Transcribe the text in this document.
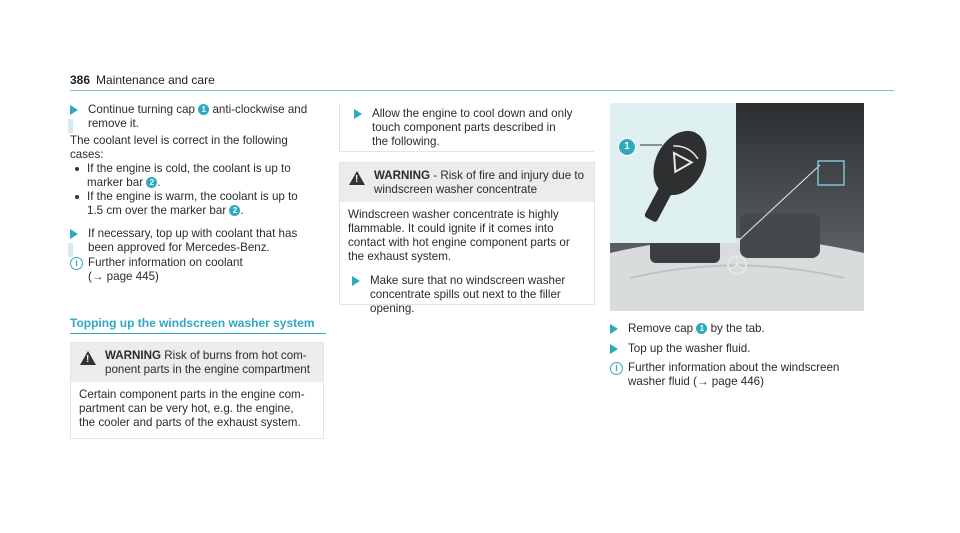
386 Maintenance and care
Continue turning cap 1 anti-clockwise and
remove it.
The coolant level is correct in the following
cases:
If the engine is cold, the coolant is up to
marker bar 2 .
If the engine is warm, the coolant is up to
1.5 cm over the marker bar 2 .
If necessary, top up with coolant that has
been approved for Mercedes-Benz.
i Further information on coolant
(→ page 445)
Topping up the windscreen washer system
!
WARNING Risk of burns from hot com-
ponent parts in the engine compartment
Certain component parts in the engine com-
partment can be very hot, e.g. the engine,
the cooler and parts of the exhaust system.
Allow the engine to cool down and only
touch component parts described in
the following.
!
WARNING - Risk of fire and injury due to
windscreen washer concentrate
Windscreen washer concentrate is highly
flammable. It could ignite if it comes into
contact with hot engine component parts or
the exhaust system.
Make sure that no windscreen washer
concentrate spills out next to the filler
opening.
1
Remove cap 1 by the tab.
Top up the washer fluid.
i Further information about the windscreen
washer fluid (→ page 446)
